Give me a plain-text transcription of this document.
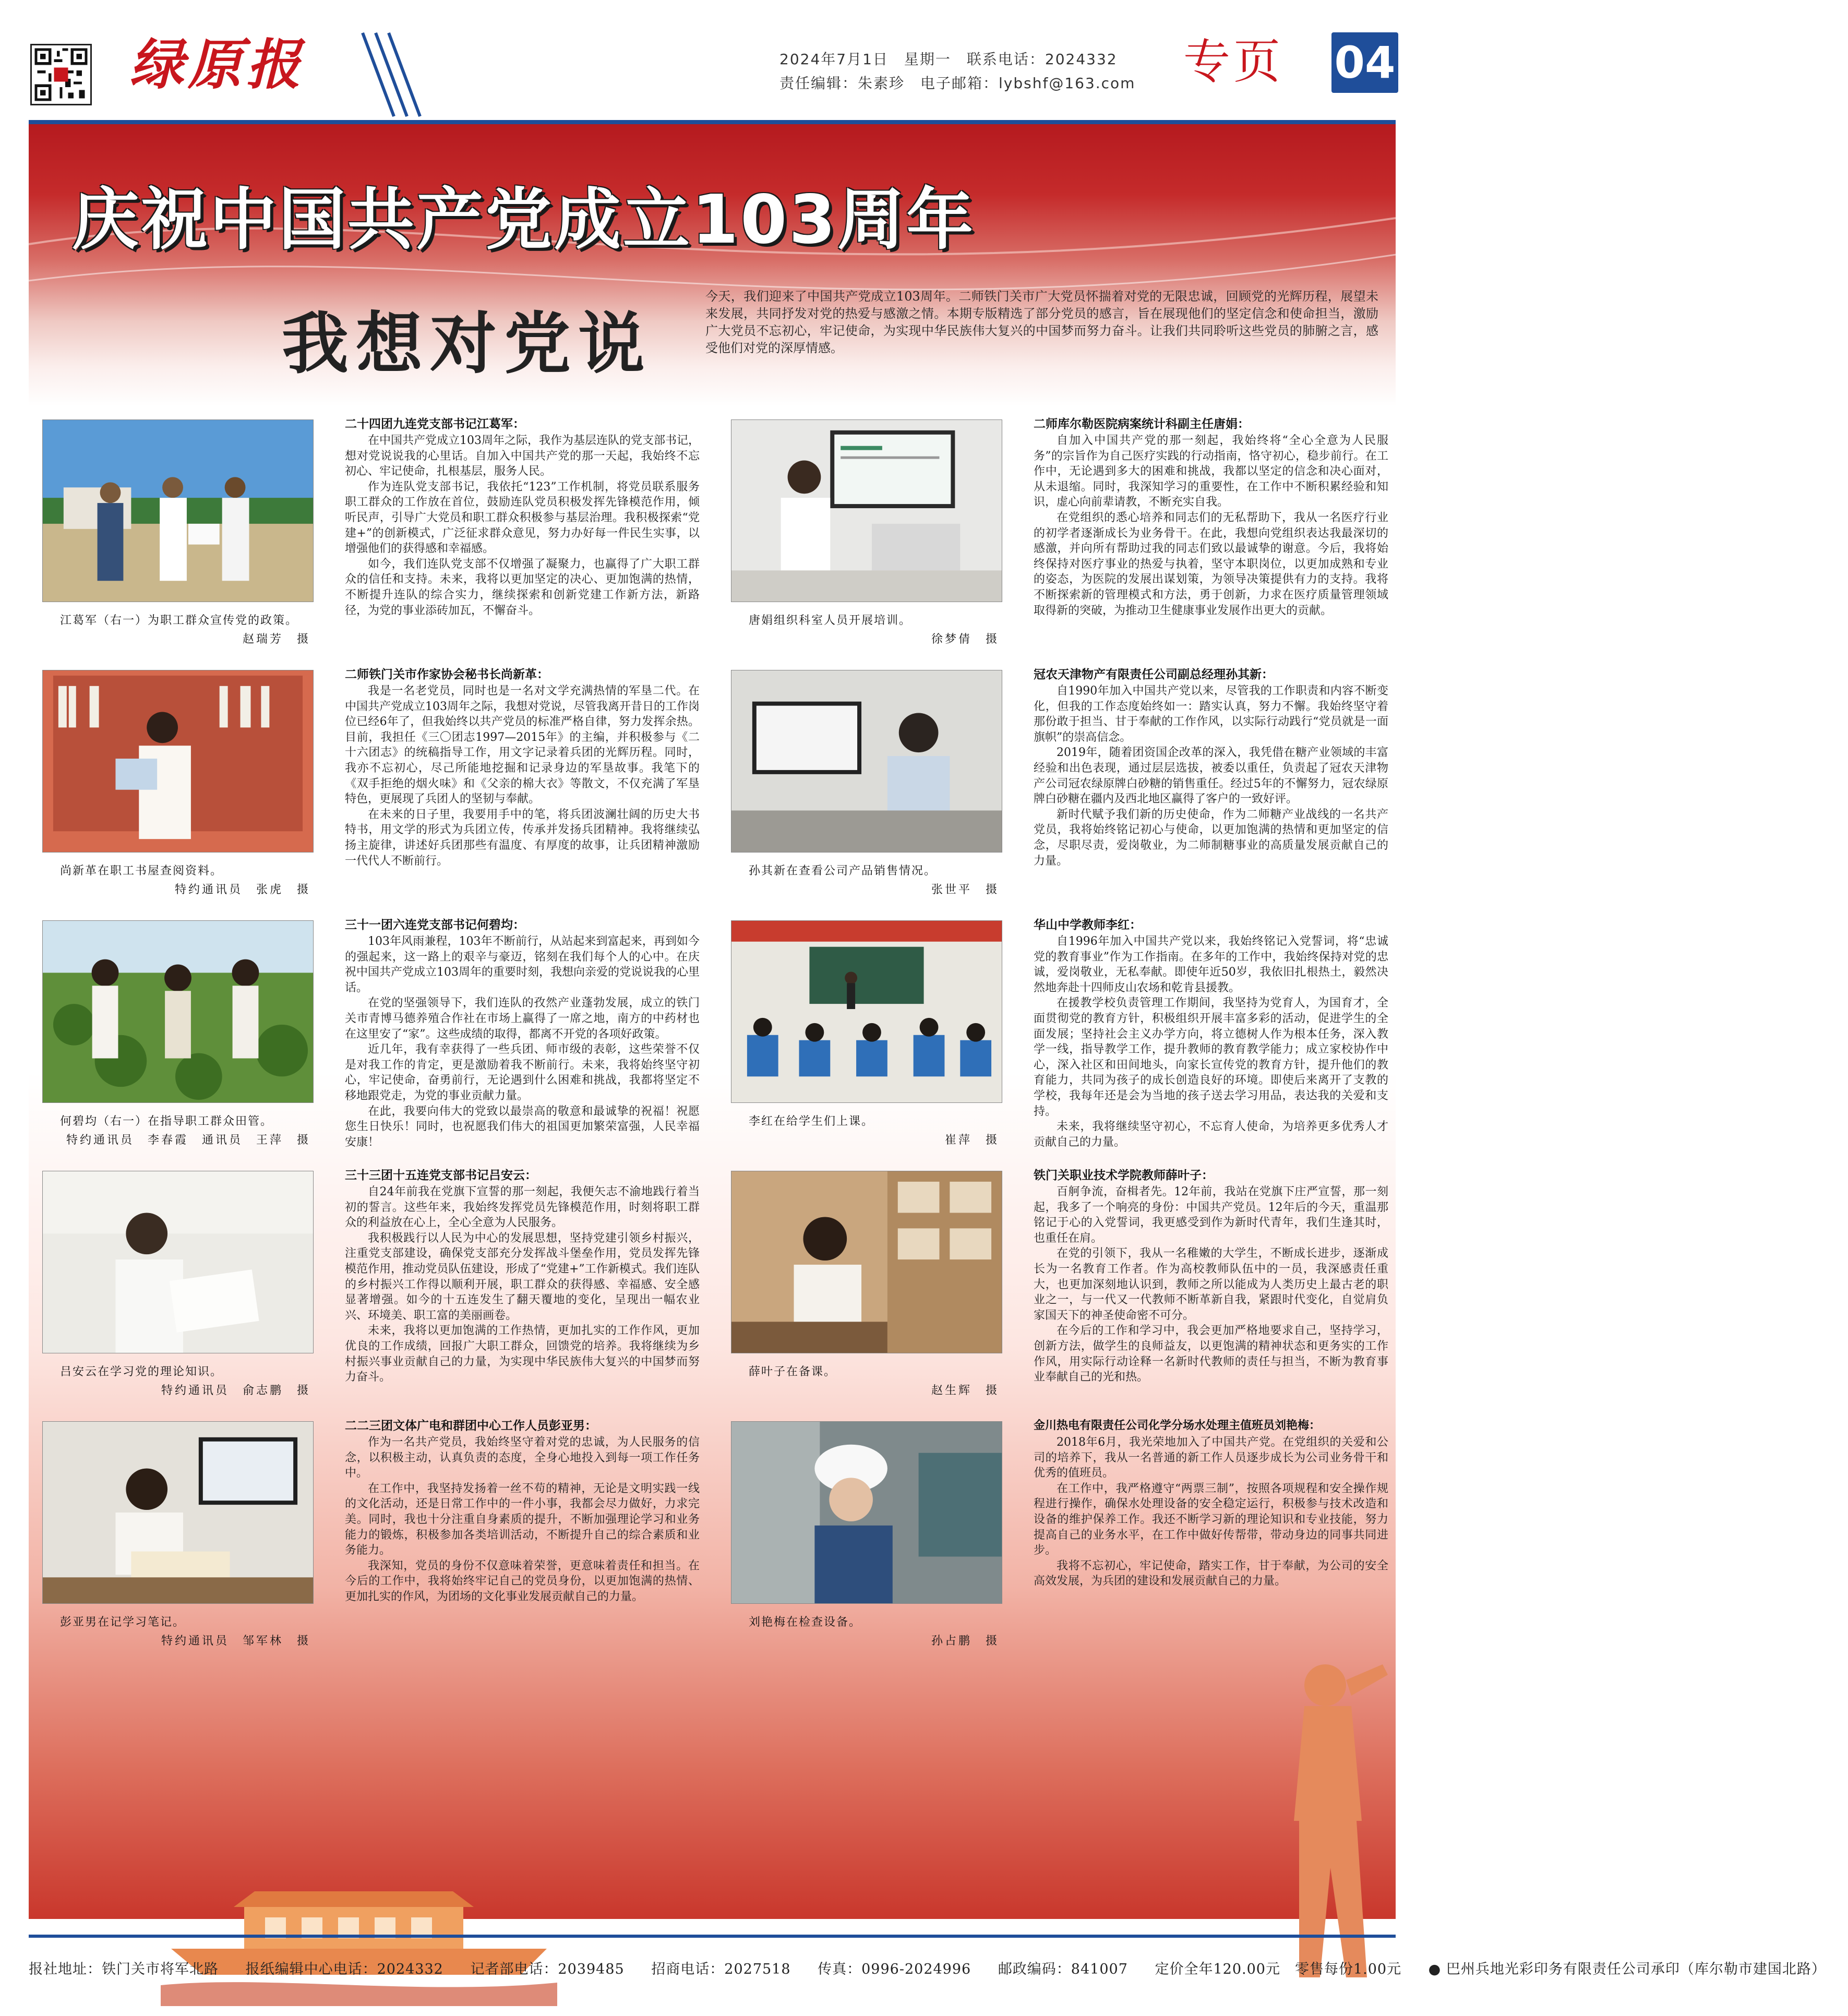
绿原报	2024年7月1日　星期一　联系电话：2024332
责任编辑：朱素珍　电子邮箱：lybshf@163.com 专页 04
庆祝中国共产党成立103周年
我想对党说
今天，我们迎来了中国共产党成立103周年。二师铁门关市广大党员怀揣着对党的无限忠诚，回顾党的光辉历程，展望未来发展，共同抒发对党的热爱与感激之情。本期专版精选了部分党员的感言，旨在展现他们的坚定信念和使命担当，激励广大党员不忘初心，牢记使命，为实现中华民族伟大复兴的中国梦而努力奋斗。让我们共同聆听这些党员的肺腑之言，感受他们对党的深厚情感。
江葛军（右一）为职工群众宣传党的政策。
赵瑞芳　摄
二十四团九连党支部书记江葛军：

在中国共产党成立103周年之际，我作为基层连队的党支部书记，想对党说说我的心里话。自加入中国共产党的那一天起，我始终不忘初心、牢记使命，扎根基层，服务人民。

作为连队党支部书记，我依托“123”工作机制，将党员联系服务职工群众的工作放在首位，鼓励连队党员积极发挥先锋模范作用，倾听民声，引导广大党员和职工群众积极参与基层治理。我积极探索“党建+”的创新模式，广泛征求群众意见，努力办好每一件民生实事，以增强他们的获得感和幸福感。

如今，我们连队党支部不仅增强了凝聚力，也赢得了广大职工群众的信任和支持。未来，我将以更加坚定的决心、更加饱满的热情，不断提升连队的综合实力，继续探索和创新党建工作新方法，新路径，为党的事业添砖加瓦，不懈奋斗。

唐娟组织科室人员开展培训。
徐梦倩　摄
二师库尔勒医院病案统计科副主任唐娟：

自加入中国共产党的那一刻起，我始终将“全心全意为人民服务”的宗旨作为自己医疗实践的行动指南，恪守初心，稳步前行。在工作中，无论遇到多大的困难和挑战，我都以坚定的信念和决心面对，从未退缩。同时，我深知学习的重要性，在工作中不断积累经验和知识，虚心向前辈请教，不断充实自我。

在党组织的悉心培养和同志们的无私帮助下，我从一名医疗行业的初学者逐渐成长为业务骨干。在此，我想向党组织表达我最深切的感激，并向所有帮助过我的同志们致以最诚挚的谢意。今后，我将始终保持对医疗事业的热爱与执着，坚守本职岗位，以更加成熟和专业的姿态，为医院的发展出谋划策，为领导决策提供有力的支持。我将不断探索新的管理模式和方法，勇于创新，力求在医疗质量管理领域取得新的突破，为推动卫生健康事业发展作出更大的贡献。

尚新革在职工书屋查阅资料。
特约通讯员　张虎　摄
二师铁门关市作家协会秘书长尚新革：

我是一名老党员，同时也是一名对文学充满热情的军垦二代。在中国共产党成立103周年之际，我想对党说，尽管我离开昔日的工作岗位已经6年了，但我始终以共产党员的标准严格自律，努力发挥余热。目前，我担任《三〇团志1997—2015年》的主编，并积极参与《二十六团志》的统稿指导工作，用文字记录着兵团的光辉历程。同时，我亦不忘初心，尽己所能地挖掘和记录身边的军垦故事。我笔下的《双手拒绝的烟火味》和《父亲的棉大衣》等散文，不仅充满了军垦特色，更展现了兵团人的坚韧与奉献。

在未来的日子里，我要用手中的笔，将兵团波澜壮阔的历史大书特书，用文学的形式为兵团立传，传承并发扬兵团精神。我将继续弘扬主旋律，讲述好兵团那些有温度、有厚度的故事，让兵团精神激励一代代人不断前行。

孙其新在查看公司产品销售情况。
张世平　摄
冠农天津物产有限责任公司副总经理孙其新：

自1990年加入中国共产党以来，尽管我的工作职责和内容不断变化，但我的工作态度始终如一：踏实认真，努力不懈。我始终坚守着那份敢于担当、甘于奉献的工作作风，以实际行动践行“党员就是一面旗帜”的崇高信念。

2019年，随着团资国企改革的深入，我凭借在糖产业领域的丰富经验和出色表现，通过层层选拔，被委以重任，负责起了冠农天津物产公司冠农绿原牌白砂糖的销售重任。经过5年的不懈努力，冠农绿原牌白砂糖在疆内及西北地区赢得了客户的一致好评。

新时代赋予我们新的历史使命，作为二师糖产业战线的一名共产党员，我将始终铭记初心与使命，以更加饱满的热情和更加坚定的信念，尽职尽责，爱岗敬业，为二师制糖事业的高质量发展贡献自己的力量。

何碧均（右一）在指导职工群众田管。
特约通讯员　李春霞　通讯员　王萍　摄
三十一团六连党支部书记何碧均：

103年风雨兼程，103年不断前行，从站起来到富起来，再到如今的强起来，这一路上的艰辛与豪迈，铭刻在我们每个人的心中。在庆祝中国共产党成立103周年的重要时刻，我想向亲爱的党说说我的心里话。

在党的坚强领导下，我们连队的孜然产业蓬勃发展，成立的铁门关市青博马德养殖合作社在市场上赢得了一席之地，南方的中药材也在这里安了“家”。这些成绩的取得，都离不开党的各项好政策。

近几年，我有幸获得了一些兵团、师市级的表彰，这些荣誉不仅是对我工作的肯定，更是激励着我不断前行。未来，我将始终坚守初心，牢记使命，奋勇前行，无论遇到什么困难和挑战，我都将坚定不移地跟党走，为党的事业贡献力量。

在此，我要向伟大的党致以最崇高的敬意和最诚挚的祝福！祝愿您生日快乐！同时，也祝愿我们伟大的祖国更加繁荣富强，人民幸福安康！

李红在给学生们上课。
崔萍　摄
华山中学教师李红：

自1996年加入中国共产党以来，我始终铭记入党誓词，将“忠诚党的教育事业”作为工作指南。在多年的工作中，我始终保持对党的忠诚，爱岗敬业，无私奉献。即使年近50岁，我依旧扎根热土，毅然决然地奔赴十四师皮山农场和乾肯县援教。

在援教学校负责管理工作期间，我坚持为党育人，为国育才，全面贯彻党的教育方针，积极组织开展丰富多彩的活动，促进学生的全面发展；坚持社会主义办学方向，将立德树人作为根本任务，深入教学一线，指导教学工作，提升教师的教育教学能力；成立家校协作中心，深入社区和田间地头，向家长宣传党的教育方针，提升他们的教育能力，共同为孩子的成长创造良好的环境。即使后来离开了支教的学校，我每年还是会为当地的孩子送去学习用品，表达我的关爱和支持。

未来，我将继续坚守初心，不忘育人使命，为培养更多优秀人才贡献自己的力量。

吕安云在学习党的理论知识。
特约通讯员　俞志鹏　摄
三十三团十五连党支部书记吕安云：

自24年前我在党旗下宣誓的那一刻起，我便矢志不渝地践行着当初的誓言。这些年来，我始终发挥党员先锋模范作用，时刻将职工群众的利益放在心上，全心全意为人民服务。

我积极践行以人民为中心的发展思想，坚持党建引领乡村振兴，注重党支部建设，确保党支部充分发挥战斗堡垒作用，党员发挥先锋模范作用，推动党员队伍建设，形成了“党建+”工作新模式。我们连队的乡村振兴工作得以顺利开展，职工群众的获得感、幸福感、安全感显著增强。如今的十五连发生了翻天覆地的变化，呈现出一幅农业兴、环境美、职工富的美丽画卷。

未来，我将以更加饱满的工作热情，更加扎实的工作作风，更加优良的工作成绩，回报广大职工群众，回馈党的培养。我将继续为乡村振兴事业贡献自己的力量，为实现中华民族伟大复兴的中国梦而努力奋斗。	薛叶子在备课。
赵生辉　摄
铁门关职业技术学院教师薛叶子：

百舸争流，奋楫者先。12年前，我站在党旗下庄严宣誓，那一刻起，我多了一个响亮的身份：中国共产党员。12年后的今天，重温那铭记于心的入党誓词，我更感受到作为新时代青年，我们生逢其时，也重任在肩。

在党的引领下，我从一名稚嫩的大学生，不断成长进步，逐渐成长为一名教育工作者。作为高校教师队伍中的一员，我深感责任重大，也更加深刻地认识到，教师之所以能成为人类历史上最古老的职业之一，与一代又一代教师不断革新自我，紧跟时代变化，自觉肩负家国天下的神圣使命密不可分。

在今后的工作和学习中，我会更加严格地要求自己，坚持学习，创新方法，做学生的良师益友，以更饱满的精神状态和更务实的工作作风，用实际行动诠释一名新时代教师的责任与担当，不断为教育事业奉献自己的光和热。

彭亚男在记学习笔记。
特约通讯员　邹军林　摄
二二三团文体广电和群团中心工作人员彭亚男：

作为一名共产党员，我始终坚守着对党的忠诚，为人民服务的信念，以积极主动，认真负责的态度，全身心地投入到每一项工作任务中。

在工作中，我坚持发扬着一丝不苟的精神，无论是文明实践一线的文化活动，还是日常工作中的一件小事，我都会尽力做好，力求完美。同时，我也十分注重自身素质的提升，不断加强理论学习和业务能力的锻炼，积极参加各类培训活动，不断提升自己的综合素质和业务能力。

我深知，党员的身份不仅意味着荣誉，更意味着责任和担当。在今后的工作中，我将始终牢记自己的党员身份，以更加饱满的热情、更加扎实的作风，为团场的文化事业发展贡献自己的力量。

刘艳梅在检查设备。
孙占鹏　摄
金川热电有限责任公司化学分场水处理主值班员刘艳梅：

2018年6月，我光荣地加入了中国共产党。在党组织的关爱和公司的培养下，我从一名普通的新工作人员逐步成长为公司业务骨干和优秀的值班员。

在工作中，我严格遵守“两票三制”，按照各项规程和安全操作规程进行操作，确保水处理设备的安全稳定运行，积极参与技术改造和设备的维护保养工作。我还不断学习新的理论知识和专业技能，努力提高自己的业务水平，在工作中做好传帮带，带动身边的同事共同进步。

我将不忘初心，牢记使命，踏实工作，甘于奉献，为公司的安全高效发展，为兵团的建设和发展贡献自己的力量。

报社地址：铁门关市将军北路 报纸编辑中心电话：2024332 记者部电话：2039485 招商电话：2027518 传真：0996-2024996 邮政编码：841007 定价全年120.00元　零售每份1.00元 ● 巴州兵地光彩印务有限责任公司承印（库尔勒市建国北路）
